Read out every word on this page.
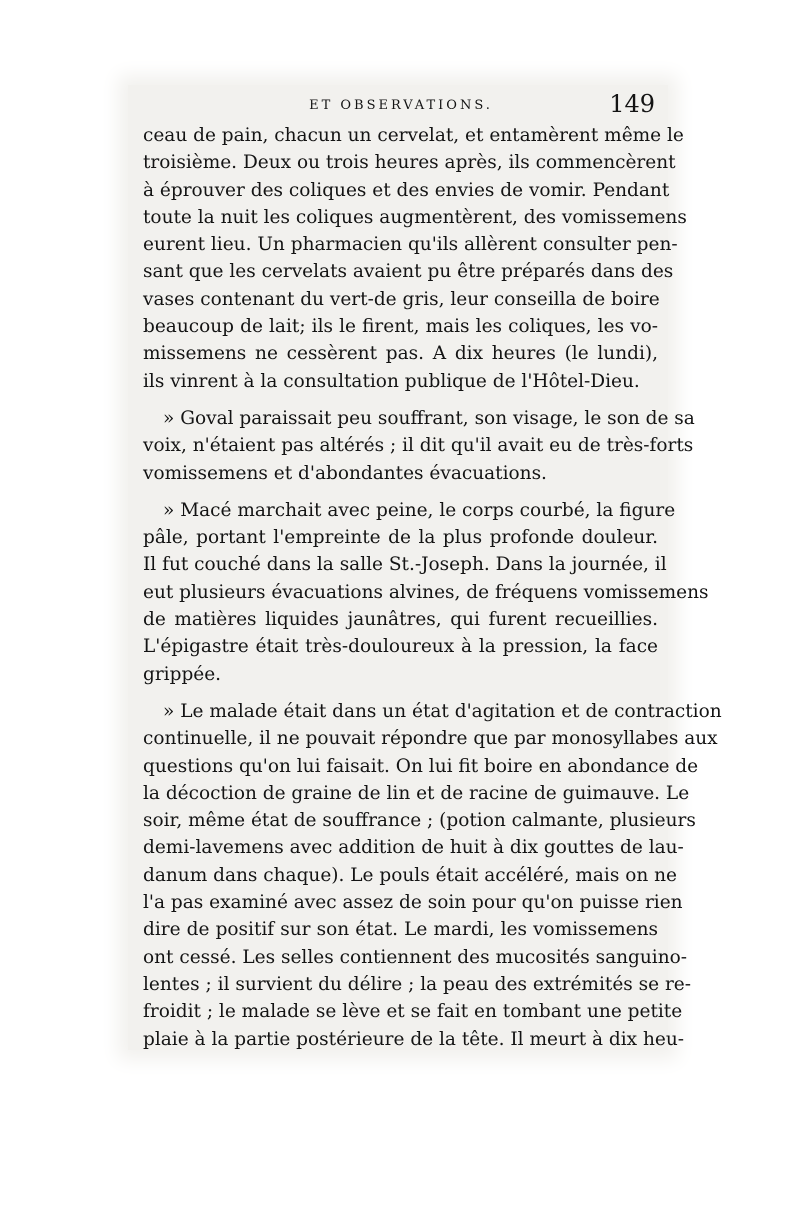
ET OBSERVATIONS.	149
ceau de pain, chacun un cervelat, et entamèrent même le
troisième. Deux ou trois heures après, ils commencèrent
à éprouver des coliques et des envies de vomir. Pendant
toute la nuit les coliques augmentèrent, des vomissemens
eurent lieu. Un pharmacien qu'ils allèrent consulter pen-
sant que les cervelats avaient pu être préparés dans des
vases contenant du vert-de gris, leur conseilla de boire
beaucoup de lait; ils le firent, mais les coliques, les vo-
missemens ne cessèrent pas. A dix heures (le lundi),
ils vinrent à la consultation publique de l'Hôtel-Dieu.
» Goval paraissait peu souffrant, son visage, le son de sa
voix, n'étaient pas altérés ; il dit qu'il avait eu de très-forts
vomissemens et d'abondantes évacuations.
» Macé marchait avec peine, le corps courbé, la figure
pâle, portant l'empreinte de la plus profonde douleur.
Il fut couché dans la salle St.-Joseph. Dans la journée, il
eut plusieurs évacuations alvines, de fréquens vomissemens
de matières liquides jaunâtres, qui furent recueillies.
L'épigastre était très-douloureux à la pression, la face
grippée.
» Le malade était dans un état d'agitation et de contraction
continuelle, il ne pouvait répondre que par monosyllabes aux
questions qu'on lui faisait. On lui fit boire en abondance de
la décoction de graine de lin et de racine de guimauve. Le
soir, même état de souffrance ; (potion calmante, plusieurs
demi-lavemens avec addition de huit à dix gouttes de lau-
danum dans chaque). Le pouls était accéléré, mais on ne
l'a pas examiné avec assez de soin pour qu'on puisse rien
dire de positif sur son état. Le mardi, les vomissemens
ont cessé. Les selles contiennent des mucosités sanguino-
lentes ; il survient du délire ; la peau des extrémités se re-
froidit ; le malade se lève et se fait en tombant une petite
plaie à la partie postérieure de la tête. Il meurt à dix heu-
